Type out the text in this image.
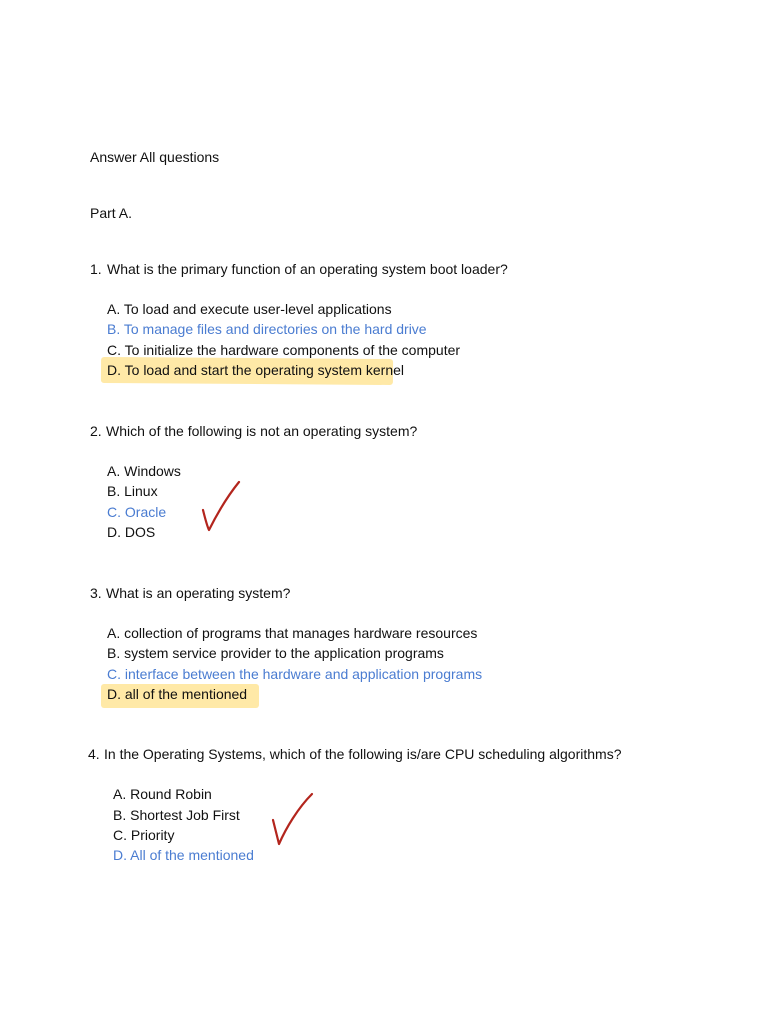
Answer All questions
Part A.
1. What is the primary function of an operating system boot loader?
A. To load and execute user-level applications
B. To manage files and directories on the hard drive
C. To initialize the hardware components of the computer
D. To load and start the operating system kernel
2. Which of the following is not an operating system?
A. Windows
B. Linux
C. Oracle
D. DOS
3. What is an operating system?
A. collection of programs that manages hardware resources
B. system service provider to the application programs
C. interface between the hardware and application programs
D. all of the mentioned
4. In the Operating Systems, which of the following is/are CPU scheduling algorithms?
A. Round Robin
B. Shortest Job First
C. Priority
D. All of the mentioned
